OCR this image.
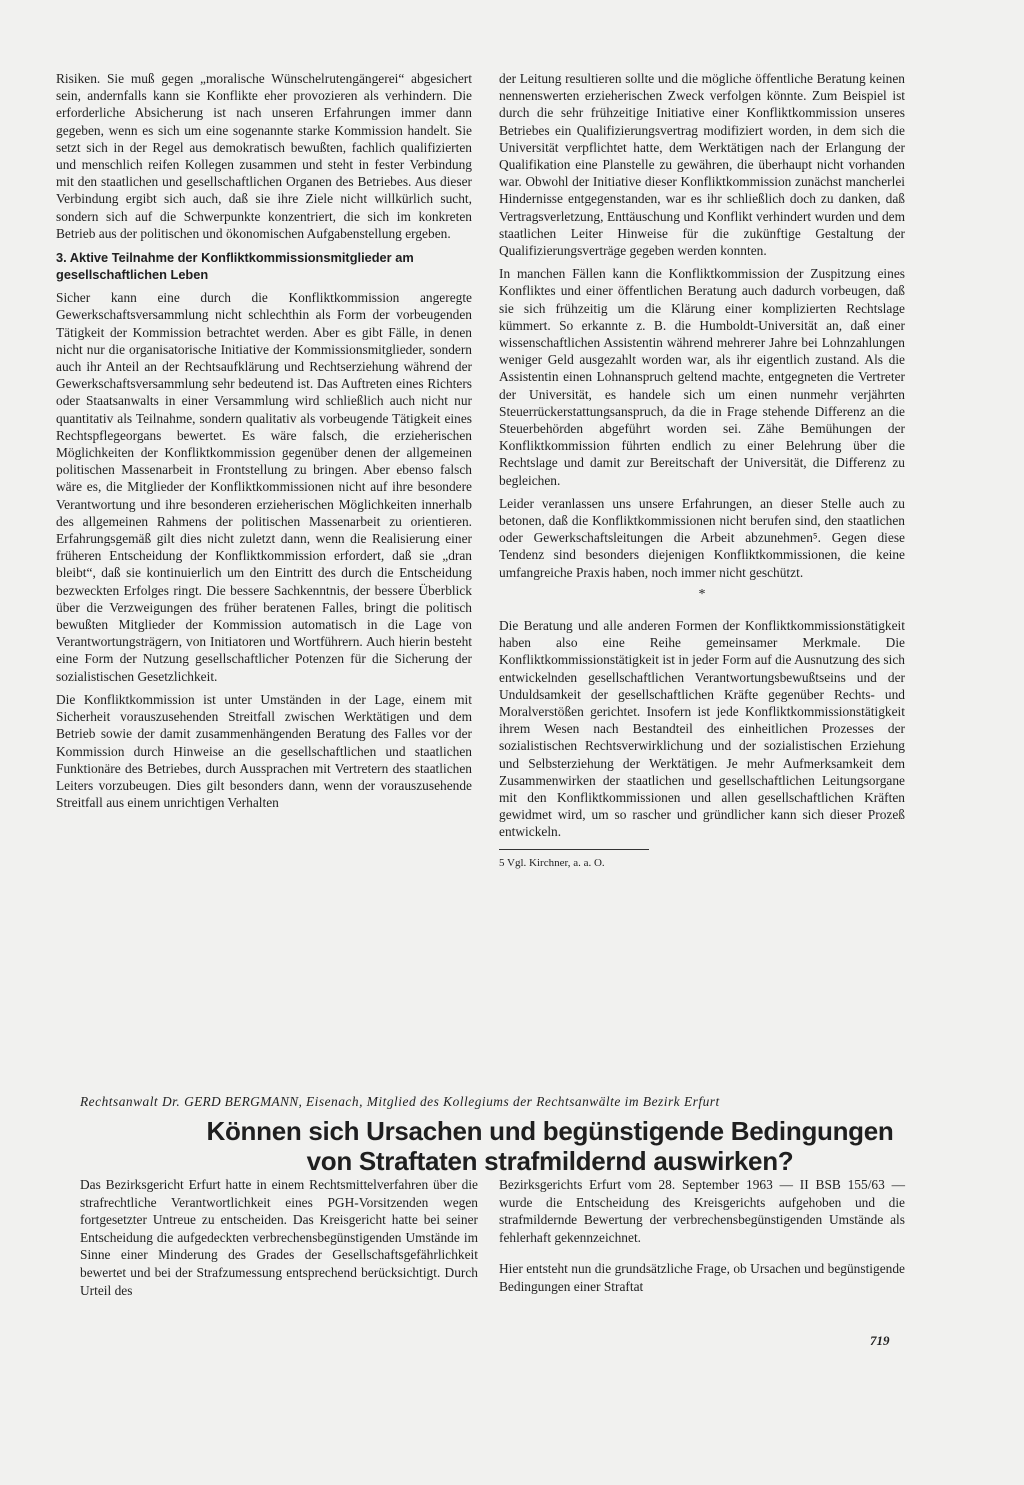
Risiken. Sie muß gegen „moralische Wünschelrutengängerei“ abgesichert sein, andernfalls kann sie Konflikte eher provozieren als verhindern. Die erforderliche Absicherung ist nach unseren Erfahrungen immer dann gegeben, wenn es sich um eine sogenannte starke Kommission handelt. Sie setzt sich in der Regel aus demokratisch bewußten, fachlich qualifizierten und menschlich reifen Kollegen zusammen und steht in fester Verbindung mit den staatlichen und gesellschaftlichen Organen des Betriebes. Aus dieser Verbindung ergibt sich auch, daß sie ihre Ziele nicht willkürlich sucht, sondern sich auf die Schwerpunkte konzentriert, die sich im konkreten Betrieb aus der politischen und ökonomischen Aufgabenstellung ergeben.

3. Aktive Teilnahme der Konfliktkommissionsmitglieder am gesellschaftlichen Leben

Sicher kann eine durch die Konfliktkommission angeregte Gewerkschaftsversammlung nicht schlechthin als Form der vorbeugenden Tätigkeit der Kommission betrachtet werden. Aber es gibt Fälle, in denen nicht nur die organisatorische Initiative der Kommissionsmitglieder, sondern auch ihr Anteil an der Rechtsaufklärung und Rechtserziehung während der Gewerkschaftsversammlung sehr bedeutend ist. Das Auftreten eines Richters oder Staatsanwalts in einer Versammlung wird schließlich auch nicht nur quantitativ als Teilnahme, sondern qualitativ als vorbeugende Tätigkeit eines Rechtspflegeorgans bewertet. Es wäre falsch, die erzieherischen Möglichkeiten der Konfliktkommission gegenüber denen der allgemeinen politischen Massenarbeit in Frontstellung zu bringen. Aber ebenso falsch wäre es, die Mitglieder der Konfliktkommissionen nicht auf ihre besondere Verantwortung und ihre besonderen erzieherischen Möglichkeiten innerhalb des allgemeinen Rahmens der politischen Massenarbeit zu orientieren. Erfahrungsgemäß gilt dies nicht zuletzt dann, wenn die Realisierung einer früheren Entscheidung der Konfliktkommission erfordert, daß sie „dran bleibt“, daß sie kontinuierlich um den Eintritt des durch die Entscheidung bezweckten Erfolges ringt. Die bessere Sachkenntnis, der bessere Überblick über die Verzweigungen des früher beratenen Falles, bringt die politisch bewußten Mitglieder der Kommission automatisch in die Lage von Verantwortungsträgern, von Initiatoren und Wortführern. Auch hierin besteht eine Form der Nutzung gesellschaftlicher Potenzen für die Sicherung der sozialistischen Gesetzlichkeit.

Die Konfliktkommission ist unter Umständen in der Lage, einem mit Sicherheit vorauszusehenden Streitfall zwischen Werktätigen und dem Betrieb sowie der damit zusammenhängenden Beratung des Falles vor der Kommission durch Hinweise an die gesellschaftlichen und staatlichen Funktionäre des Betriebes, durch Aussprachen mit Vertretern des staatlichen Leiters vorzubeugen. Dies gilt besonders dann, wenn der vorauszusehende Streitfall aus einem unrichtigen Verhalten

der Leitung resultieren sollte und die mögliche öffentliche Beratung keinen nennenswerten erzieherischen Zweck verfolgen könnte. Zum Beispiel ist durch die sehr frühzeitige Initiative einer Konfliktkommission unseres Betriebes ein Qualifizierungsvertrag modifiziert worden, in dem sich die Universität verpflichtet hatte, dem Werktätigen nach der Erlangung der Qualifikation eine Planstelle zu gewähren, die überhaupt nicht vorhanden war. Obwohl der Initiative dieser Konfliktkommission zunächst mancherlei Hindernisse entgegenstanden, war es ihr schließlich doch zu danken, daß Vertragsverletzung, Enttäuschung und Konflikt verhindert wurden und dem staatlichen Leiter Hinweise für die zukünftige Gestaltung der Qualifizierungsverträge gegeben werden konnten.

In manchen Fällen kann die Konfliktkommission der Zuspitzung eines Konfliktes und einer öffentlichen Beratung auch dadurch vorbeugen, daß sie sich frühzeitig um die Klärung einer komplizierten Rechtslage kümmert. So erkannte z. B. die Humboldt-Universität an, daß einer wissenschaftlichen Assistentin während mehrerer Jahre bei Lohnzahlungen weniger Geld ausgezahlt worden war, als ihr eigentlich zustand. Als die Assistentin einen Lohnanspruch geltend machte, entgegneten die Vertreter der Universität, es handele sich um einen nunmehr verjährten Steuerrückerstattungsanspruch, da die in Frage stehende Differenz an die Steuerbehörden abgeführt worden sei. Zähe Bemühungen der Konfliktkommission führten endlich zu einer Belehrung über die Rechtslage und damit zur Bereitschaft der Universität, die Differenz zu begleichen.

Leider veranlassen uns unsere Erfahrungen, an dieser Stelle auch zu betonen, daß die Konfliktkommissionen nicht berufen sind, den staatlichen oder Gewerkschaftsleitungen die Arbeit abzunehmen⁵. Gegen diese Tendenz sind besonders diejenigen Konfliktkommissionen, die keine umfangreiche Praxis haben, noch immer nicht geschützt.

*

Die Beratung und alle anderen Formen der Konfliktkommissionstätigkeit haben also eine Reihe gemeinsamer Merkmale. Die Konfliktkommissionstätigkeit ist in jeder Form auf die Ausnutzung des sich entwickelnden gesellschaftlichen Verantwortungsbewußtseins und der Unduldsamkeit der gesellschaftlichen Kräfte gegenüber Rechts- und Moralverstößen gerichtet. Insofern ist jede Konfliktkommissionstätigkeit ihrem Wesen nach Bestandteil des einheitlichen Prozesses der sozialistischen Rechtsverwirklichung und der sozialistischen Erziehung und Selbsterziehung der Werktätigen. Je mehr Aufmerksamkeit dem Zusammenwirken der staatlichen und gesellschaftlichen Leitungsorgane mit den Konfliktkommissionen und allen gesellschaftlichen Kräften gewidmet wird, um so rascher und gründlicher kann sich dieser Prozeß entwickeln.

5 Vgl. Kirchner, a. a. O.

Rechtsanwalt Dr. GERD BERGMANN, Eisenach, Mitglied des Kollegiums der Rechtsanwälte im Bezirk Erfurt
Können sich Ursachen und begünstigende Bedingungen
von Straftaten strafmildernd auswirken?

Das Bezirksgericht Erfurt hatte in einem Rechtsmittelverfahren über die strafrechtliche Verantwortlichkeit eines PGH-Vorsitzenden wegen fortgesetzter Untreue zu entscheiden. Das Kreisgericht hatte bei seiner Entscheidung die aufgedeckten verbrechensbegünstigenden Umstände im Sinne einer Minderung des Grades der Gesellschaftsgefährlichkeit bewertet und bei der Strafzumessung entsprechend berücksichtigt. Durch Urteil des

Bezirksgerichts Erfurt vom 28. September 1963 — II BSB 155/63 — wurde die Entscheidung des Kreisgerichts aufgehoben und die strafmildernde Bewertung der verbrechensbegünstigenden Umstände als fehlerhaft gekennzeichnet.

Hier entsteht nun die grundsätzliche Frage, ob Ursachen und begünstigende Bedingungen einer Straftat

719
